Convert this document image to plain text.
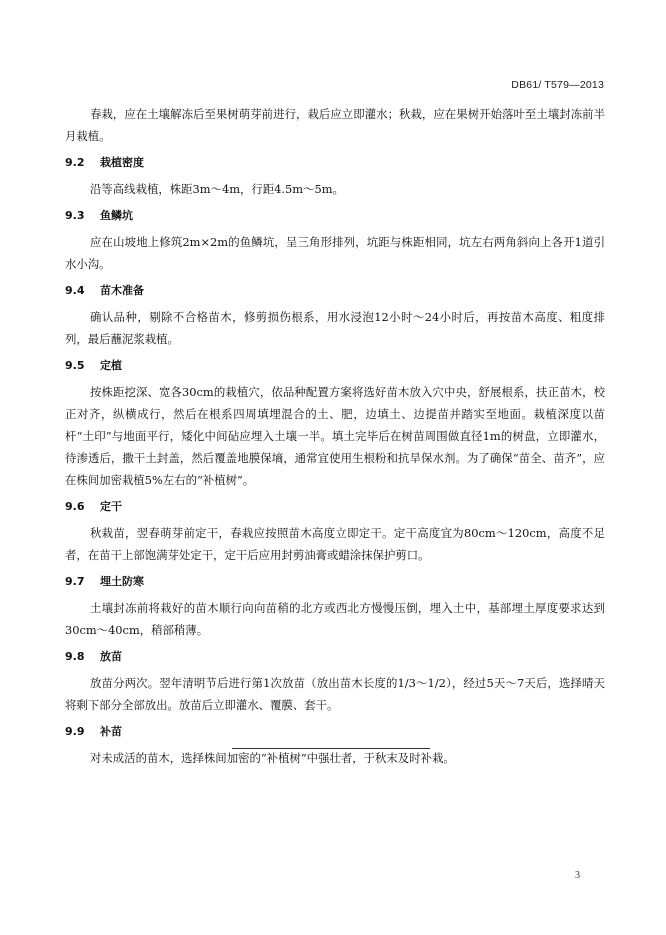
DB61/ T579—2013

春栽，应在土壤解冻后至果树萌芽前进行，栽后应立即灌水；秋栽，应在果树开始落叶至土壤封冻前半月栽植。

9.2	栽植密度

沿等高线栽植，株距3m～4m，行距4.5m～5m。

9.3	鱼鳞坑

应在山坡地上修筑2m×2m的鱼鳞坑，呈三角形排列，坑距与株距相同，坑左右两角斜向上各开1道引水小沟。

9.4	苗木准备

确认品种，剔除不合格苗木，修剪损伤根系，用水浸泡12小时～24小时后，再按苗木高度、粗度排列，最后蘸泥浆栽植。

9.5	定植

按株距挖深、宽各30cm的栽植穴，依品种配置方案将选好苗木放入穴中央，舒展根系，扶正苗木，校正对齐，纵横成行，然后在根系四周填埋混合的土、肥，边填土、边提苗并踏实至地面。栽植深度以苗杆“土印”与地面平行，矮化中间砧应埋入土壤一半。填土完毕后在树苗周围做直径1m的树盘，立即灌水，待渗透后，撒干土封盖，然后覆盖地膜保墒，通常宜使用生根粉和抗旱保水剂。为了确保“苗全、苗齐”，应在株间加密栽植5%左右的“补植树”。

9.6	定干

秋栽苗，翌春萌芽前定干，春栽应按照苗木高度立即定干。定干高度宜为80cm～120cm，高度不足者，在苗干上部饱满芽处定干，定干后应用封剪油膏或蜡涂抹保护剪口。

9.7	埋土防寒

土壤封冻前将栽好的苗木顺行向向苗稍的北方或西北方慢慢压倒，埋入土中，基部埋土厚度要求达到30cm～40cm，稍部稍薄。

9.8	放苗

放苗分两次。翌年清明节后进行第1次放苗（放出苗木长度的1/3～1/2），经过5天～7天后，选择晴天将剩下部分全部放出。放苗后立即灌水、覆膜、套干。

9.9	补苗

对未成活的苗木，选择株间加密的“补植树”中强壮者，于秋末及时补栽。

3
